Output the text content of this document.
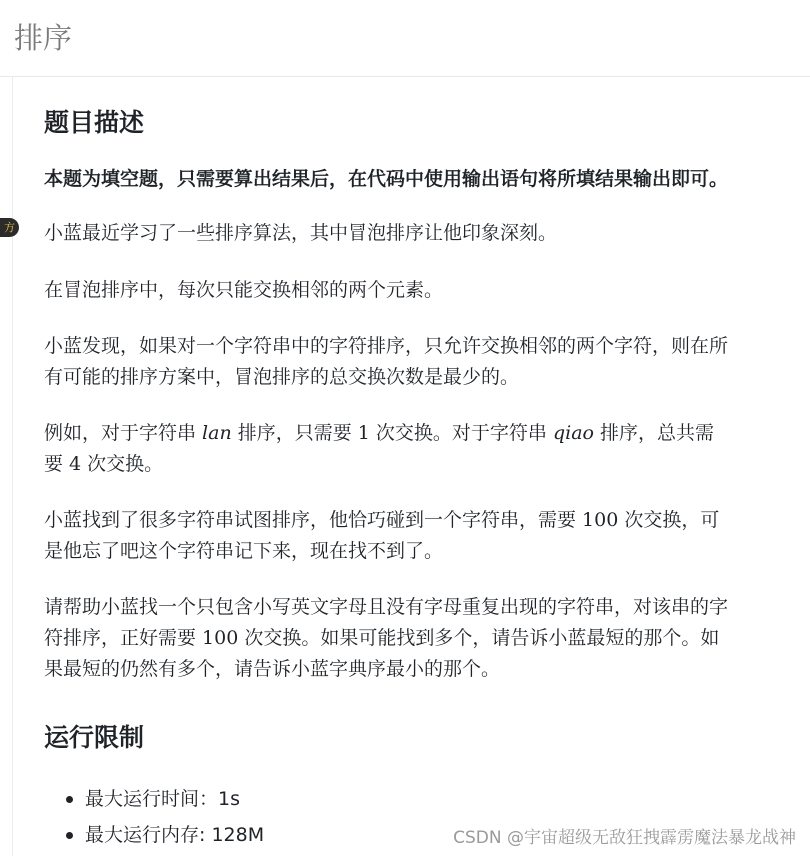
排序
方
题目描述

本题为填空题，只需要算出结果后，在代码中使用输出语句将所填结果输出即可。

小蓝最近学习了一些排序算法，其中冒泡排序让他印象深刻。

在冒泡排序中，每次只能交换相邻的两个元素。

小蓝发现，如果对一个字符串中的字符排序，只允许交换相邻的两个字符，则在所
有可能的排序方案中，冒泡排序的总交换次数是最少的。

例如，对于字符串 lan 排序，只需要 1 次交换。对于字符串 qiao 排序，总共需
要 4 次交换。

小蓝找到了很多字符串试图排序，他恰巧碰到一个字符串，需要 100 次交换，可
是他忘了吧这个字符串记下来，现在找不到了。

请帮助小蓝找一个只包含小写英文字母且没有字母重复出现的字符串，对该串的字
符排序，正好需要 100 次交换。如果可能找到多个，请告诉小蓝最短的那个。如
果最短的仍然有多个，请告诉小蓝字典序最小的那个。

运行限制
最大运行时间：1s
最大运行内存: 128M	CSDN @宇宙超级无敌狂拽霹雳魔法暴龙战神
